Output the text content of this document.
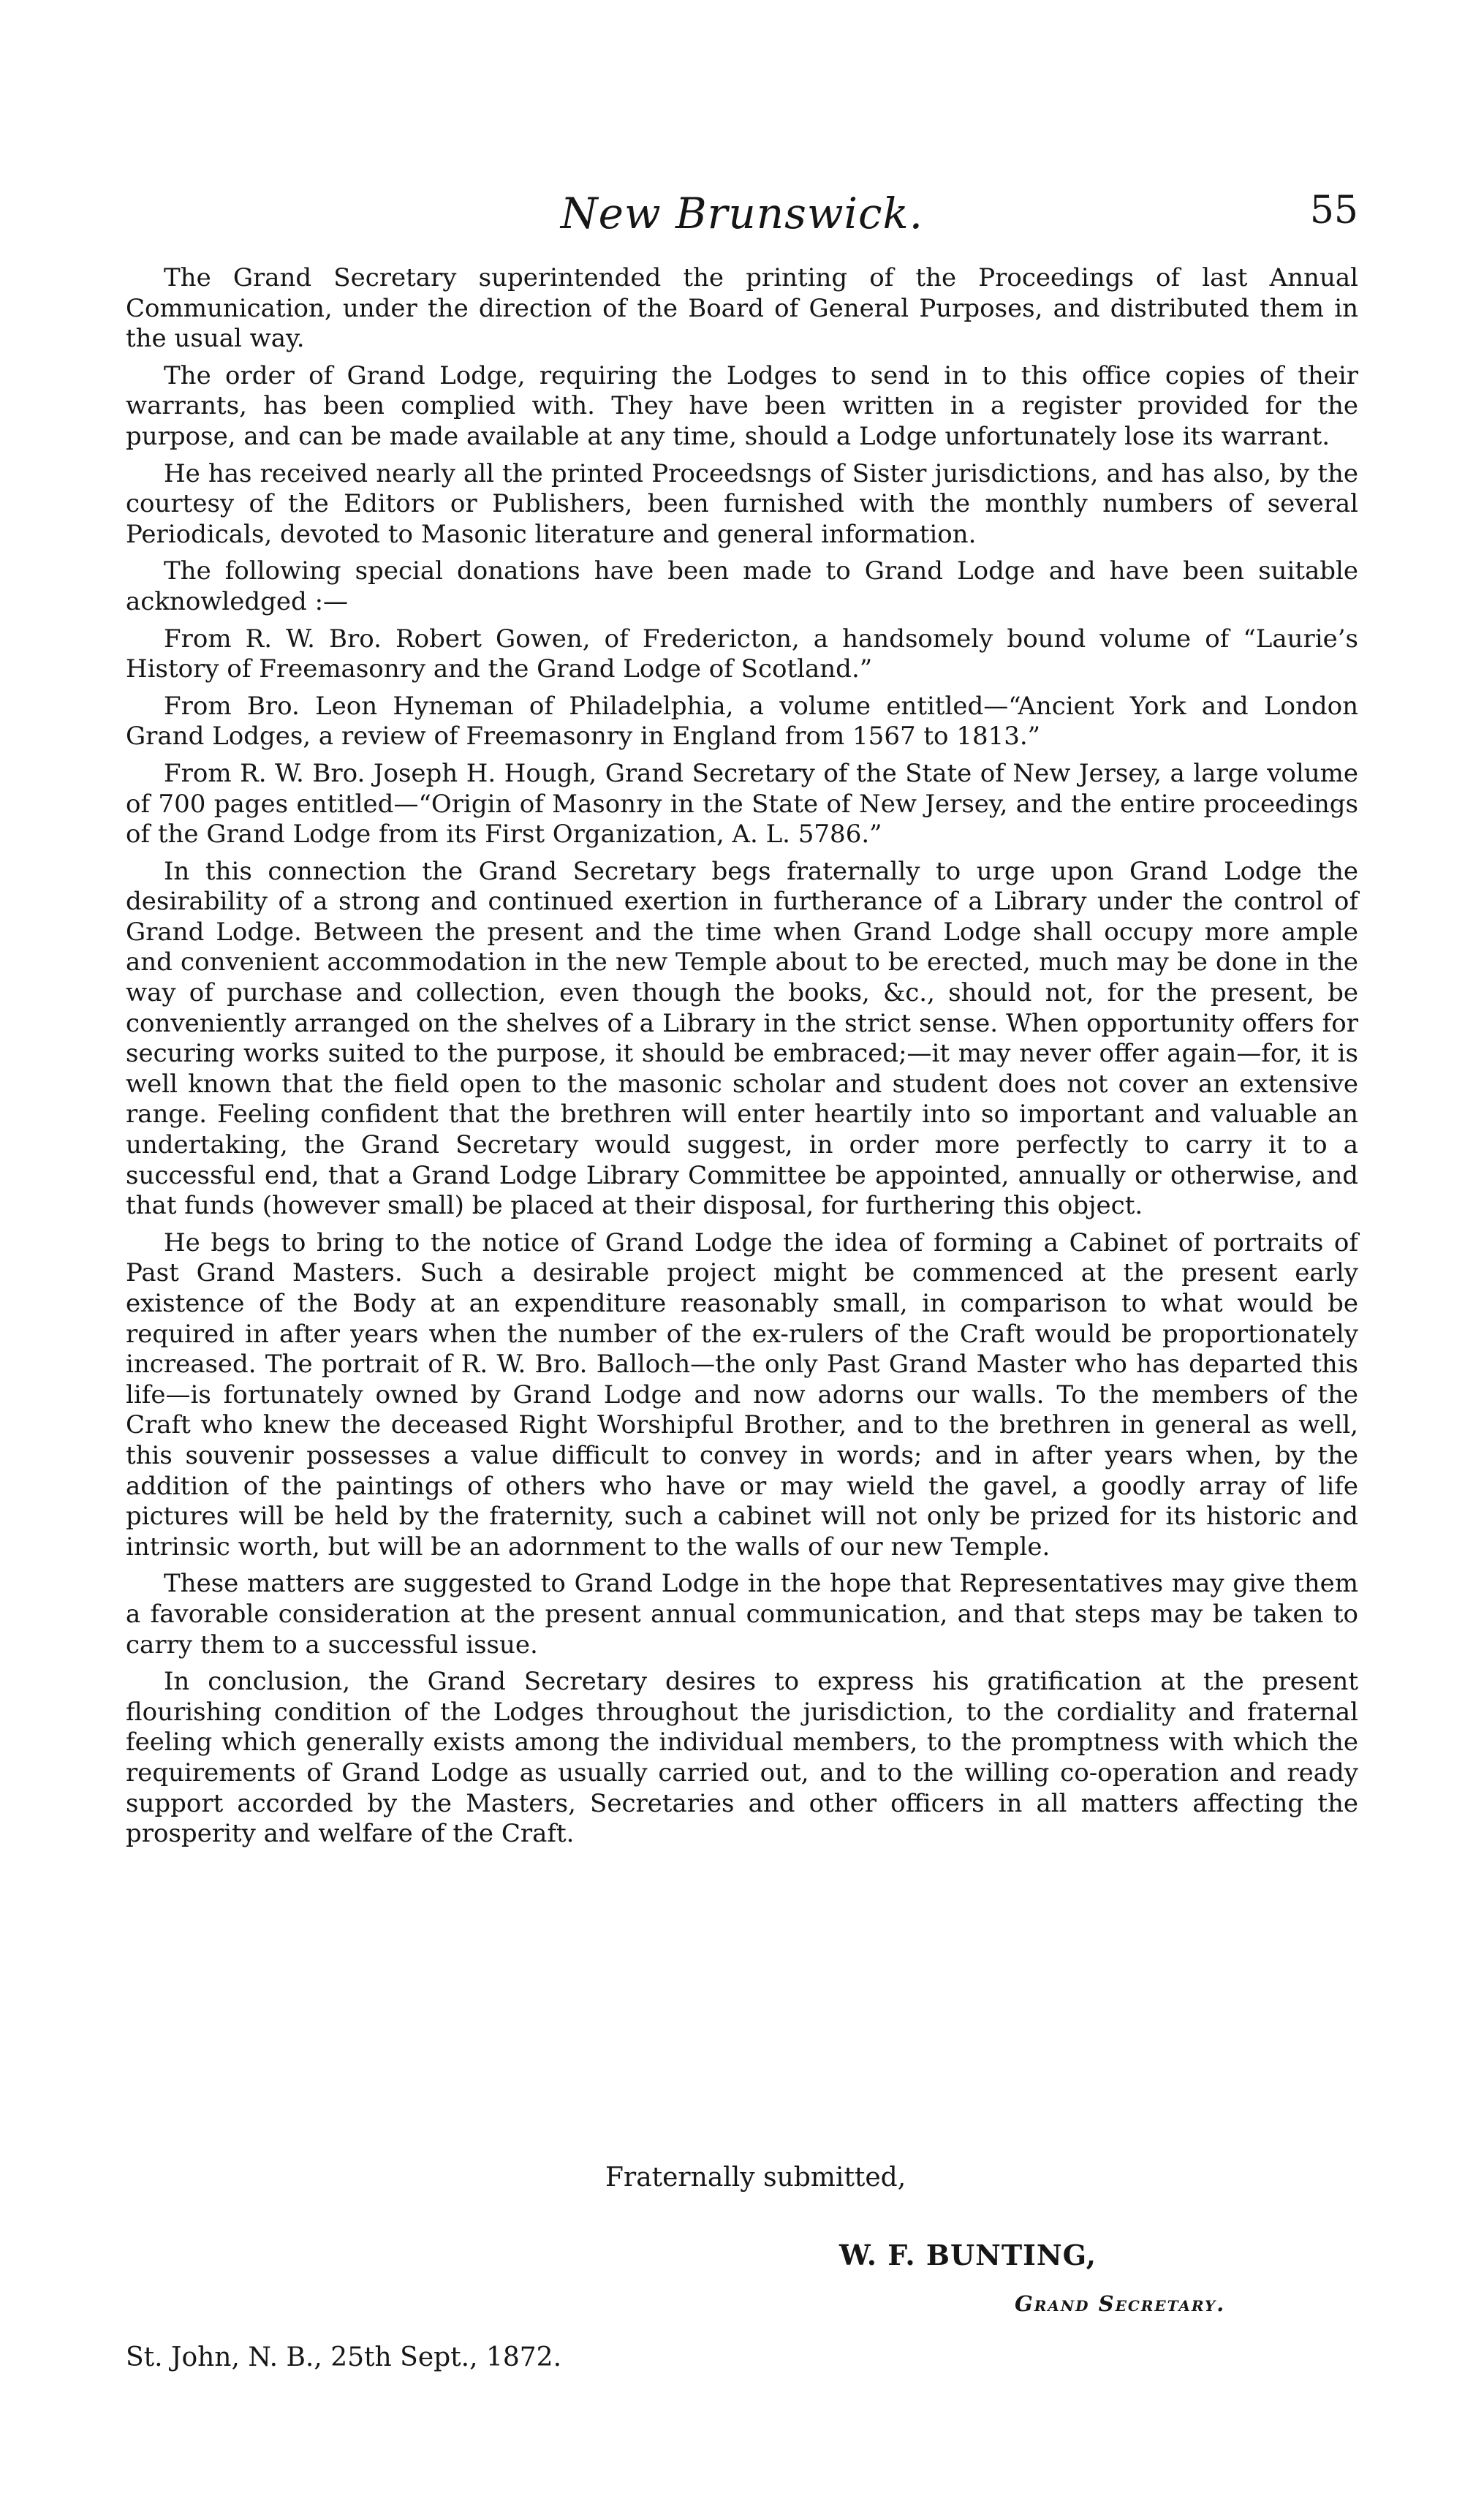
New Brunswick.	55

The Grand Secretary superintended the printing of the Proceedings of last Annual Communication, under the direction of the Board of General Purposes, and distributed them in the usual way.

The order of Grand Lodge, requiring the Lodges to send in to this office copies of their warrants, has been complied with. They have been written in a register provided for the purpose, and can be made available at any time, should a Lodge unfortunately lose its warrant.

He has received nearly all the printed Proceedsngs of Sister jurisdictions, and has also, by the courtesy of the Editors or Publishers, been furnished with the monthly numbers of several Periodicals, devoted to Masonic literature and general information.

The following special donations have been made to Grand Lodge and have been suitable acknowledged :—

From R. W. Bro. Robert Gowen, of Fredericton, a handsomely bound volume of “Laurie’s History of Freemasonry and the Grand Lodge of Scotland.”

From Bro. Leon Hyneman of Philadelphia, a volume entitled—“Ancient York and London Grand Lodges, a review of Freemasonry in England from 1567 to 1813.”

From R. W. Bro. Joseph H. Hough, Grand Secretary of the State of New Jersey, a large volume of 700 pages entitled—“Origin of Masonry in the State of New Jersey, and the entire proceedings of the Grand Lodge from its First Organization, A. L. 5786.”

In this connection the Grand Secretary begs fraternally to urge upon Grand Lodge the desirability of a strong and continued exertion in furtherance of a Library under the control of Grand Lodge. Between the present and the time when Grand Lodge shall occupy more ample and convenient accommodation in the new Temple about to be erected, much may be done in the way of purchase and collection, even though the books, &c., should not, for the present, be conveniently arranged on the shelves of a Library in the strict sense. When opportunity offers for securing works suited to the purpose, it should be embraced;—it may never offer again—for, it is well known that the field open to the masonic scholar and student does not cover an extensive range. Feeling confident that the brethren will enter heartily into so important and valuable an undertaking, the Grand Secretary would suggest, in order more perfectly to carry it to a successful end, that a Grand Lodge Library Committee be appointed, annually or otherwise, and that funds (however small) be placed at their disposal, for furthering this object.

He begs to bring to the notice of Grand Lodge the idea of forming a Cabinet of portraits of Past Grand Masters. Such a desirable project might be commenced at the present early existence of the Body at an expenditure reasonably small, in comparison to what would be required in after years when the number of the ex-rulers of the Craft would be proportionately increased. The portrait of R. W. Bro. Balloch—the only Past Grand Master who has departed this life—is fortunately owned by Grand Lodge and now adorns our walls. To the members of the Craft who knew the deceased Right Worshipful Brother, and to the brethren in general as well, this souvenir possesses a value difficult to convey in words; and in after years when, by the addition of the paintings of others who have or may wield the gavel, a goodly array of life pictures will be held by the fraternity, such a cabinet will not only be prized for its historic and intrinsic worth, but will be an adornment to the walls of our new Temple.

These matters are suggested to Grand Lodge in the hope that Representatives may give them a favorable consideration at the present annual communication, and that steps may be taken to carry them to a successful issue.

In conclusion, the Grand Secretary desires to express his gratification at the present flourishing condition of the Lodges throughout the jurisdiction, to the cordiality and fraternal feeling which generally exists among the individual members, to the promptness with which the requirements of Grand Lodge as usually carried out, and to the willing co-operation and ready support accorded by the Masters, Secretaries and other officers in all matters affecting the prosperity and welfare of the Craft.

Fraternally submitted,
W. F. BUNTING,
Grand Secretary.
St. John, N. B., 25th Sept., 1872.
